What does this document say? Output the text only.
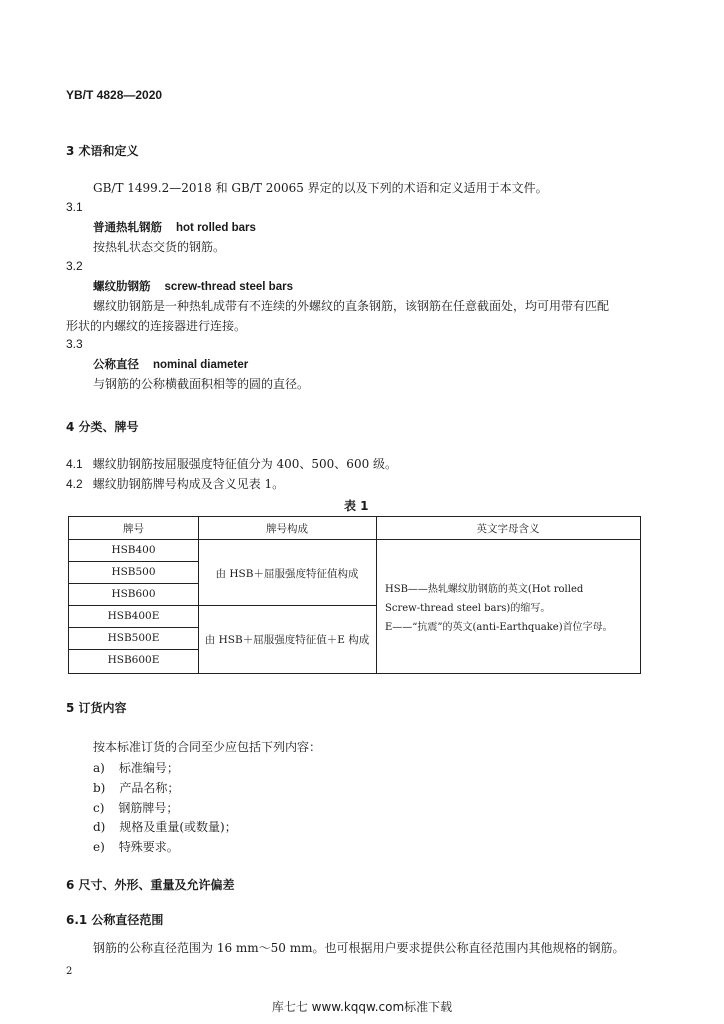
YB/T 4828—2020
3 术语和定义
GB/T 1499.2—2018 和 GB/T 20065 界定的以及下列的术语和定义适用于本文件。
3.1
普通热轧钢筋 hot rolled bars
按热轧状态交货的钢筋。
3.2
螺纹肋钢筋 screw-thread steel bars
螺纹肋钢筋是一种热轧成带有不连续的外螺纹的直条钢筋，该钢筋在任意截面处，均可用带有匹配
形状的内螺纹的连接器进行连接。
3.3
公称直径 nominal diameter
与钢筋的公称横截面积相等的圆的直径。
4 分类、牌号
4.1 螺纹肋钢筋按屈服强度特征值分为 400、500、600 级。
4.2 螺纹肋钢筋牌号构成及含义见表 1。
表 1
牌号	牌号构成	英文字母含义
HSB400
HSB500
HSB600
HSB400E
HSB500E
HSB600E
由 HSB＋屈服强度特征值构成
由 HSB＋屈服强度特征值＋E 构成
HSB——热轧螺纹肋钢筋的英文(Hot rolled
Screw-thread steel bars)的缩写。
E——“抗震”的英文(anti-Earthquake)首位字母。
5 订货内容
按本标准订货的合同至少应包括下列内容：
a) 标准编号；
b) 产品名称；
c) 钢筋牌号；
d) 规格及重量(或数量)；
e) 特殊要求。
6 尺寸、外形、重量及允许偏差
6.1 公称直径范围
钢筋的公称直径范围为 16 mm～50 mm。也可根据用户要求提供公称直径范围内其他规格的钢筋。
2
库七七 www.kqqw.com标准下载
